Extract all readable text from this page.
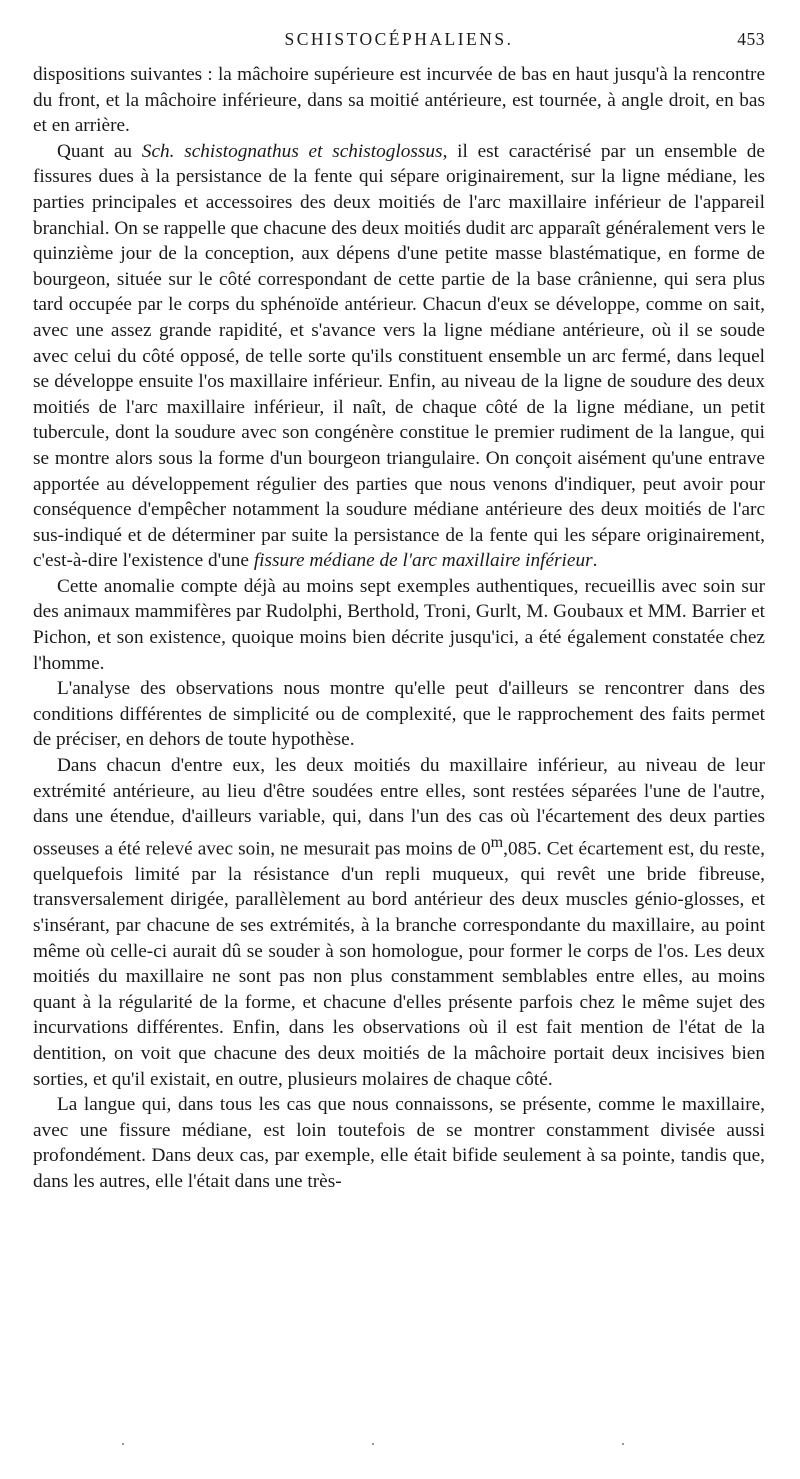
SCHISTOCÉPHALIENS.	453

dispositions suivantes : la mâchoire supérieure est incurvée de bas en haut jusqu'à la rencontre du front, et la mâchoire inférieure, dans sa moitié antérieure, est tournée, à angle droit, en bas et en arrière.

Quant au Sch. schistognathus et schistoglossus, il est caractérisé par un ensemble de fissures dues à la persistance de la fente qui sépare originairement, sur la ligne médiane, les parties principales et accessoires des deux moitiés de l'arc maxillaire inférieur de l'appareil branchial. On se rappelle que chacune des deux moitiés dudit arc apparaît généralement vers le quinzième jour de la conception, aux dépens d'une petite masse blastématique, en forme de bourgeon, située sur le côté correspondant de cette partie de la base crânienne, qui sera plus tard occupée par le corps du sphénoïde antérieur. Chacun d'eux se développe, comme on sait, avec une assez grande rapidité, et s'avance vers la ligne médiane antérieure, où il se soude avec celui du côté opposé, de telle sorte qu'ils constituent ensemble un arc fermé, dans lequel se développe ensuite l'os maxillaire inférieur. Enfin, au niveau de la ligne de soudure des deux moitiés de l'arc maxillaire inférieur, il naît, de chaque côté de la ligne médiane, un petit tubercule, dont la soudure avec son congénère constitue le premier rudiment de la langue, qui se montre alors sous la forme d'un bourgeon triangulaire. On conçoit aisément qu'une entrave apportée au développement régulier des parties que nous venons d'indiquer, peut avoir pour conséquence d'empêcher notamment la soudure médiane antérieure des deux moitiés de l'arc sus-indiqué et de déterminer par suite la persistance de la fente qui les sépare originairement, c'est-à-dire l'existence d'une fissure médiane de l'arc maxillaire inférieur.

Cette anomalie compte déjà au moins sept exemples authentiques, recueillis avec soin sur des animaux mammifères par Rudolphi, Berthold, Troni, Gurlt, M. Goubaux et MM. Barrier et Pichon, et son existence, quoique moins bien décrite jusqu'ici, a été également constatée chez l'homme.

L'analyse des observations nous montre qu'elle peut d'ailleurs se rencontrer dans des conditions différentes de simplicité ou de complexité, que le rapprochement des faits permet de préciser, en dehors de toute hypothèse.

Dans chacun d'entre eux, les deux moitiés du maxillaire inférieur, au niveau de leur extrémité antérieure, au lieu d'être soudées entre elles, sont restées séparées l'une de l'autre, dans une étendue, d'ailleurs variable, qui, dans l'un des cas où l'écartement des deux parties osseuses a été relevé avec soin, ne mesurait pas moins de 0$^m$,085. Cet écartement est, du reste, quelquefois limité par la résistance d'un repli muqueux, qui revêt une bride fibreuse, transversalement dirigée, parallèlement au bord antérieur des deux muscles génio-glosses, et s'insérant, par chacune de ses extrémités, à la branche correspondante du maxillaire, au point même où celle-ci aurait dû se souder à son homologue, pour former le corps de l'os. Les deux moitiés du maxillaire ne sont pas non plus constamment semblables entre elles, au moins quant à la régularité de la forme, et chacune d'elles présente parfois chez le même sujet des incurvations différentes. Enfin, dans les observations où il est fait mention de l'état de la dentition, on voit que chacune des deux moitiés de la mâchoire portait deux incisives bien sorties, et qu'il existait, en outre, plusieurs molaires de chaque côté.

La langue qui, dans tous les cas que nous connaissons, se présente, comme le maxillaire, avec une fissure médiane, est loin toutefois de se montrer constamment divisée aussi profondément. Dans deux cas, par exemple, elle était bifide seulement à sa pointe, tandis que, dans les autres, elle l'était dans une très-
